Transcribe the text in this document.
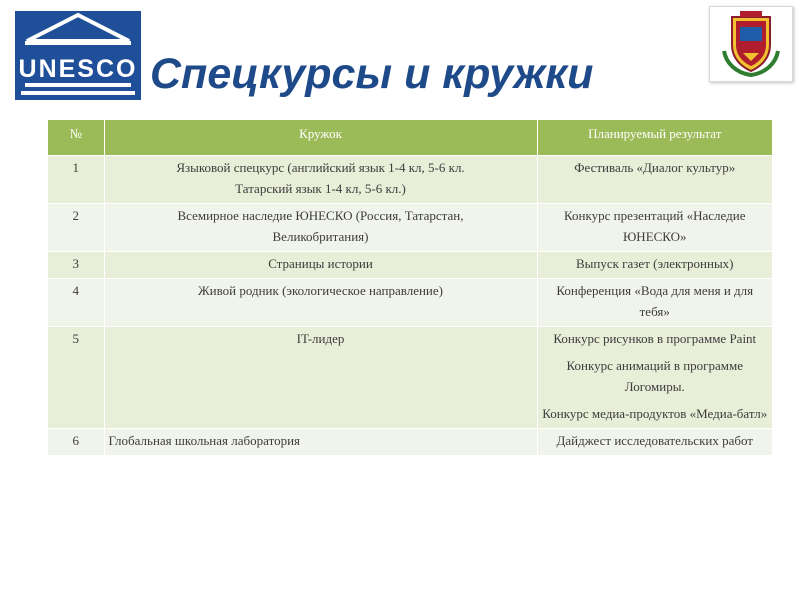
UNESCO Спецкурсы и кружки
№	Кружок	Планируемый результат
1	Языковой спецкурс (английский язык 1-4 кл, 5-6 кл.
Татарский язык 1-4 кл, 5-6 кл.)	Фестиваль «Диалог культур»

2	Всемирное наследие ЮНЕСКО (Россия, Татарстан,
Великобритания)	Конкурс презентаций «Наследие ЮНЕСКО»

3	Страницы истории	Выпуск газет (электронных)

4	Живой родник (экологическое направление)	Конференция «Вода для меня и для тебя»

5	IT-лидер	Конкурс рисунков в программе Paint
Конкурс анимаций в программе Логомиры.
Конкурс медиа-продуктов «Медиа-батл»

6	Глобальная школьная лаборатория	Дайджест исследовательских работ
